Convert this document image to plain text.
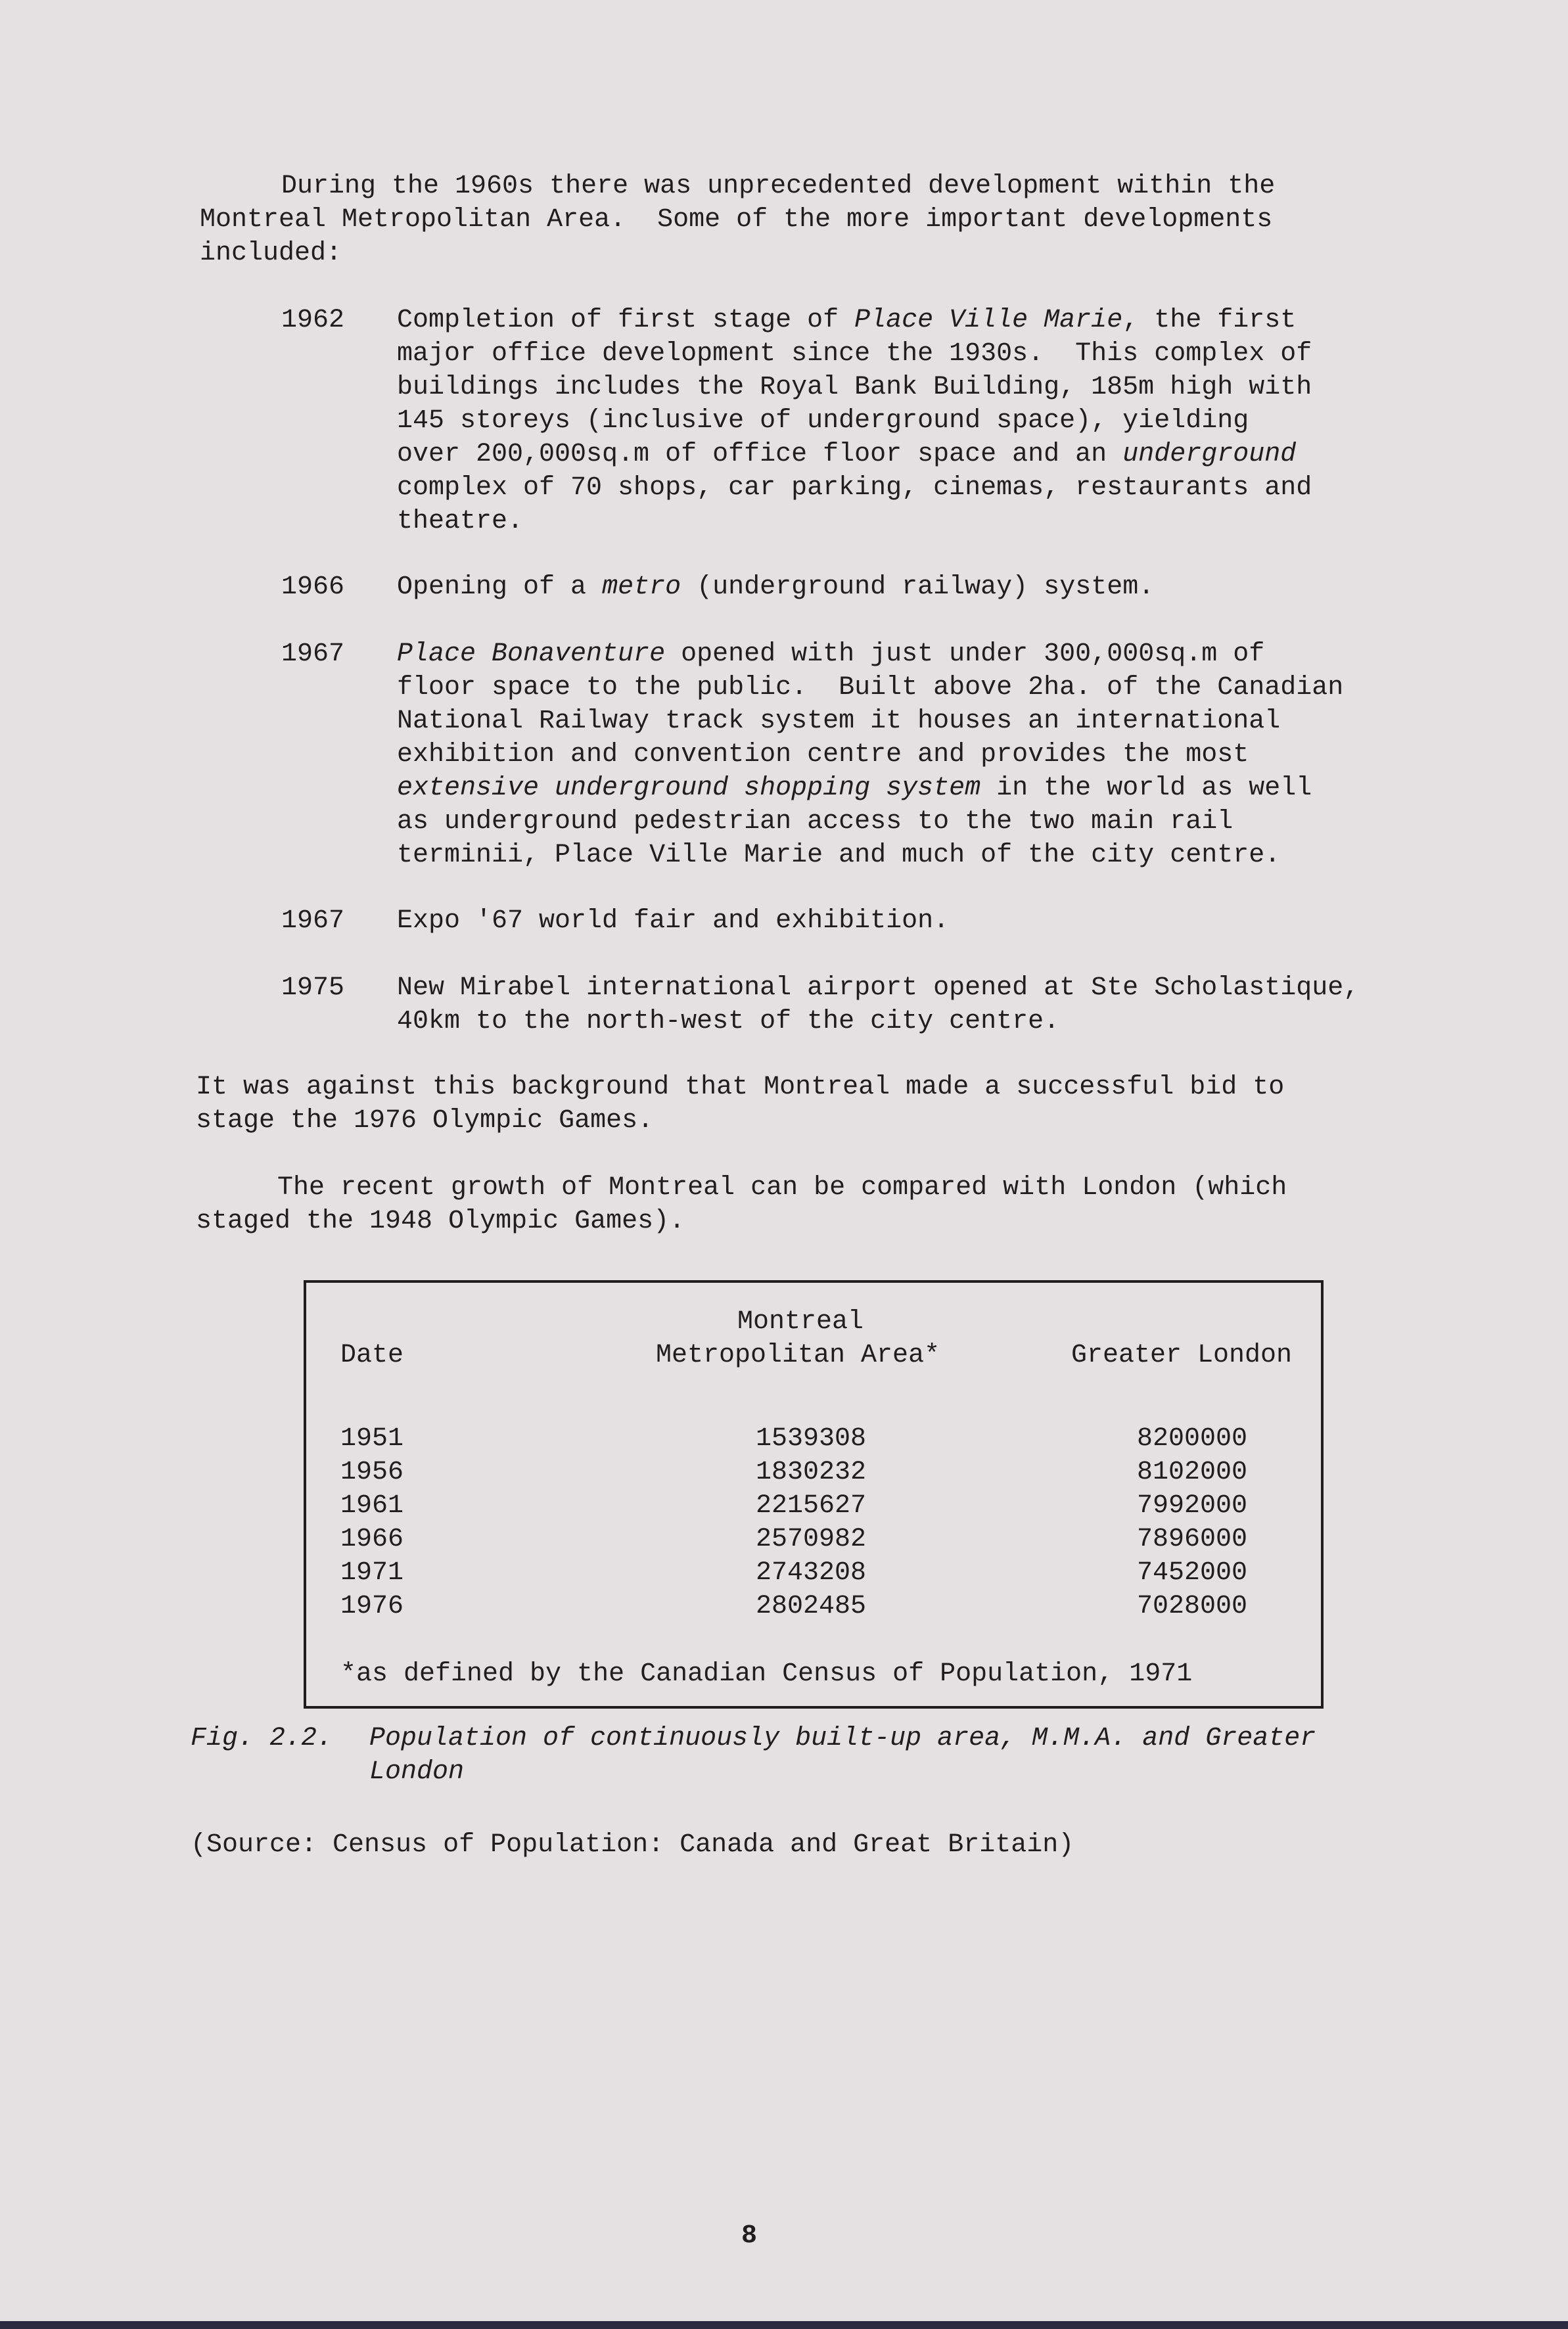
During the 1960s there was unprecedented development within the
Montreal Metropolitan Area.  Some of the more important developments
included:
1962 Completion of first stage of Place Ville Marie, the first
major office development since the 1930s.  This complex of
buildings includes the Royal Bank Building, 185m high with
145 storeys (inclusive of underground space), yielding
over 200,000sq.m of office floor space and an underground
complex of 70 shops, car parking, cinemas, restaurants and
theatre.
1966 Opening of a metro (underground railway) system.
1967 Place Bonaventure opened with just under 300,000sq.m of
floor space to the public.  Built above 2ha. of the Canadian
National Railway track system it houses an international
exhibition and convention centre and provides the most
extensive underground shopping system in the world as well
as underground pedestrian access to the two main rail
terminii, Place Ville Marie and much of the city centre.
1967 Expo '67 world fair and exhibition.
1975 New Mirabel international airport opened at Ste Scholastique,
40km to the north-west of the city centre.
It was against this background that Montreal made a successful bid to
stage the 1976 Olympic Games.
The recent growth of Montreal can be compared with London (which
staged the 1948 Olympic Games).
Montreal
Date	Metropolitan Area*	Greater London
1951	1539308	8200000
1956	1830232	8102000
1961	2215627	7992000
1966	2570982	7896000
1971	2743208	7452000
1976	2802485	7028000
*as defined by the Canadian Census of Population, 1971
Fig. 2.2. Population of continuously built-up area, M.M.A. and Greater
London
(Source: Census of Population: Canada and Great Britain)
8
